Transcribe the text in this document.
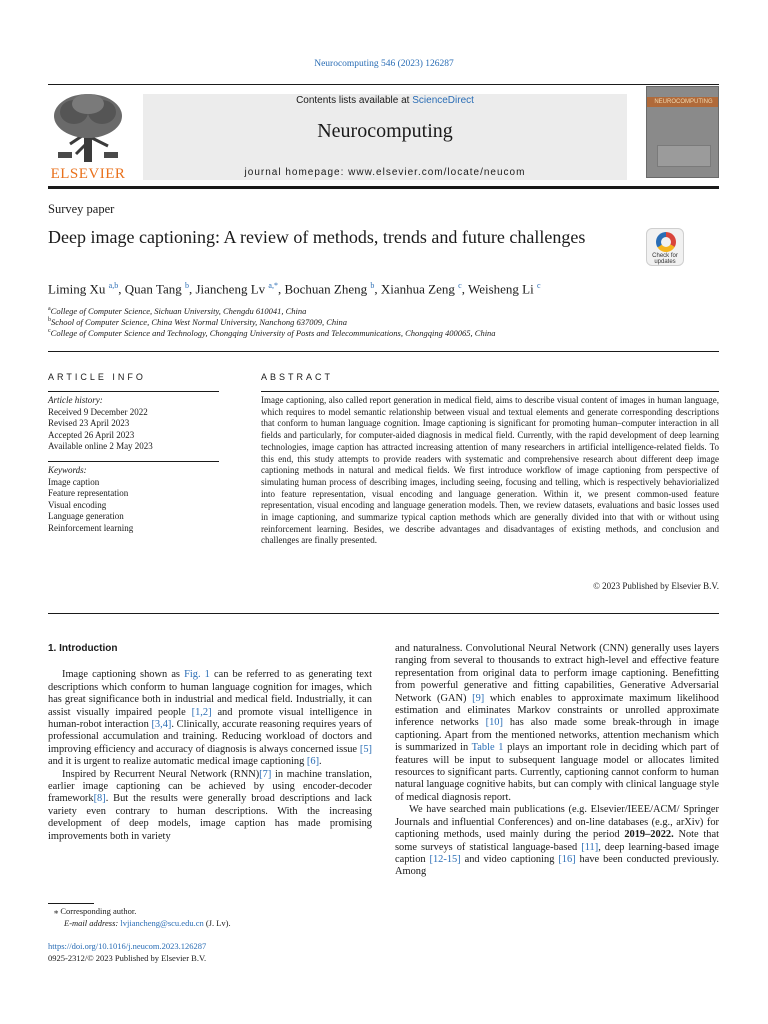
Neurocomputing 546 (2023) 126287
ELSEVIER
Contents lists available at ScienceDirect
Neurocomputing
journal homepage: www.elsevier.com/locate/neucom
NEUROCOMPUTING
Survey paper
Deep image captioning: A review of methods, trends and future challenges
Check for updates
Liming Xu $^{a,b}$, Quan Tang $^b$, Jiancheng Lv $^{a,*}$, Bochuan Zheng $^b$, Xianhua Zeng $^c$, Weisheng Li $^c$
$^a$College of Computer Science, Sichuan University, Chengdu 610041, China
$^b$School of Computer Science, China West Normal University, Nanchong 637009, China
$^c$College of Computer Science and Technology, Chongqing University of Posts and Telecommunications, Chongqing 400065, China
ARTICLE INFO	ABSTRACT
Article history:
Received 9 December 2022
Revised 23 April 2023
Accepted 26 April 2023
Available online 2 May 2023
Keywords:
Image caption
Feature representation
Visual encoding
Language generation
Reinforcement learning
Image captioning, also called report generation in medical field, aims to describe visual content of images in human language, which requires to model semantic relationship between visual and textual elements and generate corresponding descriptions that conform to human language cognition. Image captioning is significant for promoting human–computer interaction in all fields and particularly, for computer-aided diagnosis in medical field. Currently, with the rapid development of deep learning technologies, image caption has attracted increasing attention of many researchers in artificial intelligence-related fields. To this end, this study attempts to provide readers with systematic and comprehensive research about different deep image captioning methods in natural and medical fields. We first introduce workflow of image captioning from perspective of simulating human process of describing images, including seeing, focusing and telling, which is respectively behaviorialized into feature representation, visual encoding and language generation. Within it, we present common-used feature representation, visual encoding and language generation models. Then, we review datasets, evaluations and basic losses used in image captioning, and summarize typical caption methods which are generally divided into that with or without using reinforcement learning. Besides, we describe advantages and disadvantages of existing methods, and conclusion and challenges are finally presented.
© 2023 Published by Elsevier B.V.

1. Introduction

Image captioning shown as Fig. 1 can be referred to as generating text descriptions which conform to human language cognition for images, which has great significance both in industrial and medical field. Industrially, it can assist visually impaired people [1,2] and promote visual intelligence in human-robot interaction [3,4]. Clinically, accurate reasoning requires years of professional accumulation and training. Reducing workload of doctors and improving efficiency and accuracy of diagnosis is always concerned issue [5] and it is urgent to realize automatic medical image captioning [6].

Inspired by Recurrent Neural Network (RNN)[7] in machine translation, earlier image captioning can be achieved by using encoder-decoder framework[8]. But the results were generally broad descriptions and lack variety even contrary to human descriptions. With the increasing development of deep models, image caption has made promising improvements both in variety

and naturalness. Convolutional Neural Network (CNN) generally uses layers ranging from several to thousands to extract high-level and effective feature representation from original data to perform image captioning. Benefitting from powerful generative and fitting capabilities, Generative Adversarial Network (GAN) [9] which enables to approximate maximum likelihood estimation and eliminates Markov constraints or unrolled approximate inference networks [10] has also made some break-through in image captioning. Apart from the mentioned networks, attention mechanism which is summarized in Table 1 plays an important role in deciding which part of features will be input to subsequent language model or allocates limited resources to significant parts. Currently, captioning cannot conform to human natural language cognitive habits, but can comply with clinical language style of medical diagnosis report.

We have searched main publications (e.g. Elsevier/IEEE/ACM/ Springer Journals and influential Conferences) and on-line databases (e.g., arXiv) for captioning methods, used mainly during the period 2019–2022. Note that some surveys of statistical language-based [11], deep learning-based image caption [12-15] and video captioning [16] have been conducted previously. Among

⁎ Corresponding author.
E-mail address: lvjiancheng@scu.edu.cn (J. Lv).
https://doi.org/10.1016/j.neucom.2023.126287
0925-2312/© 2023 Published by Elsevier B.V.
